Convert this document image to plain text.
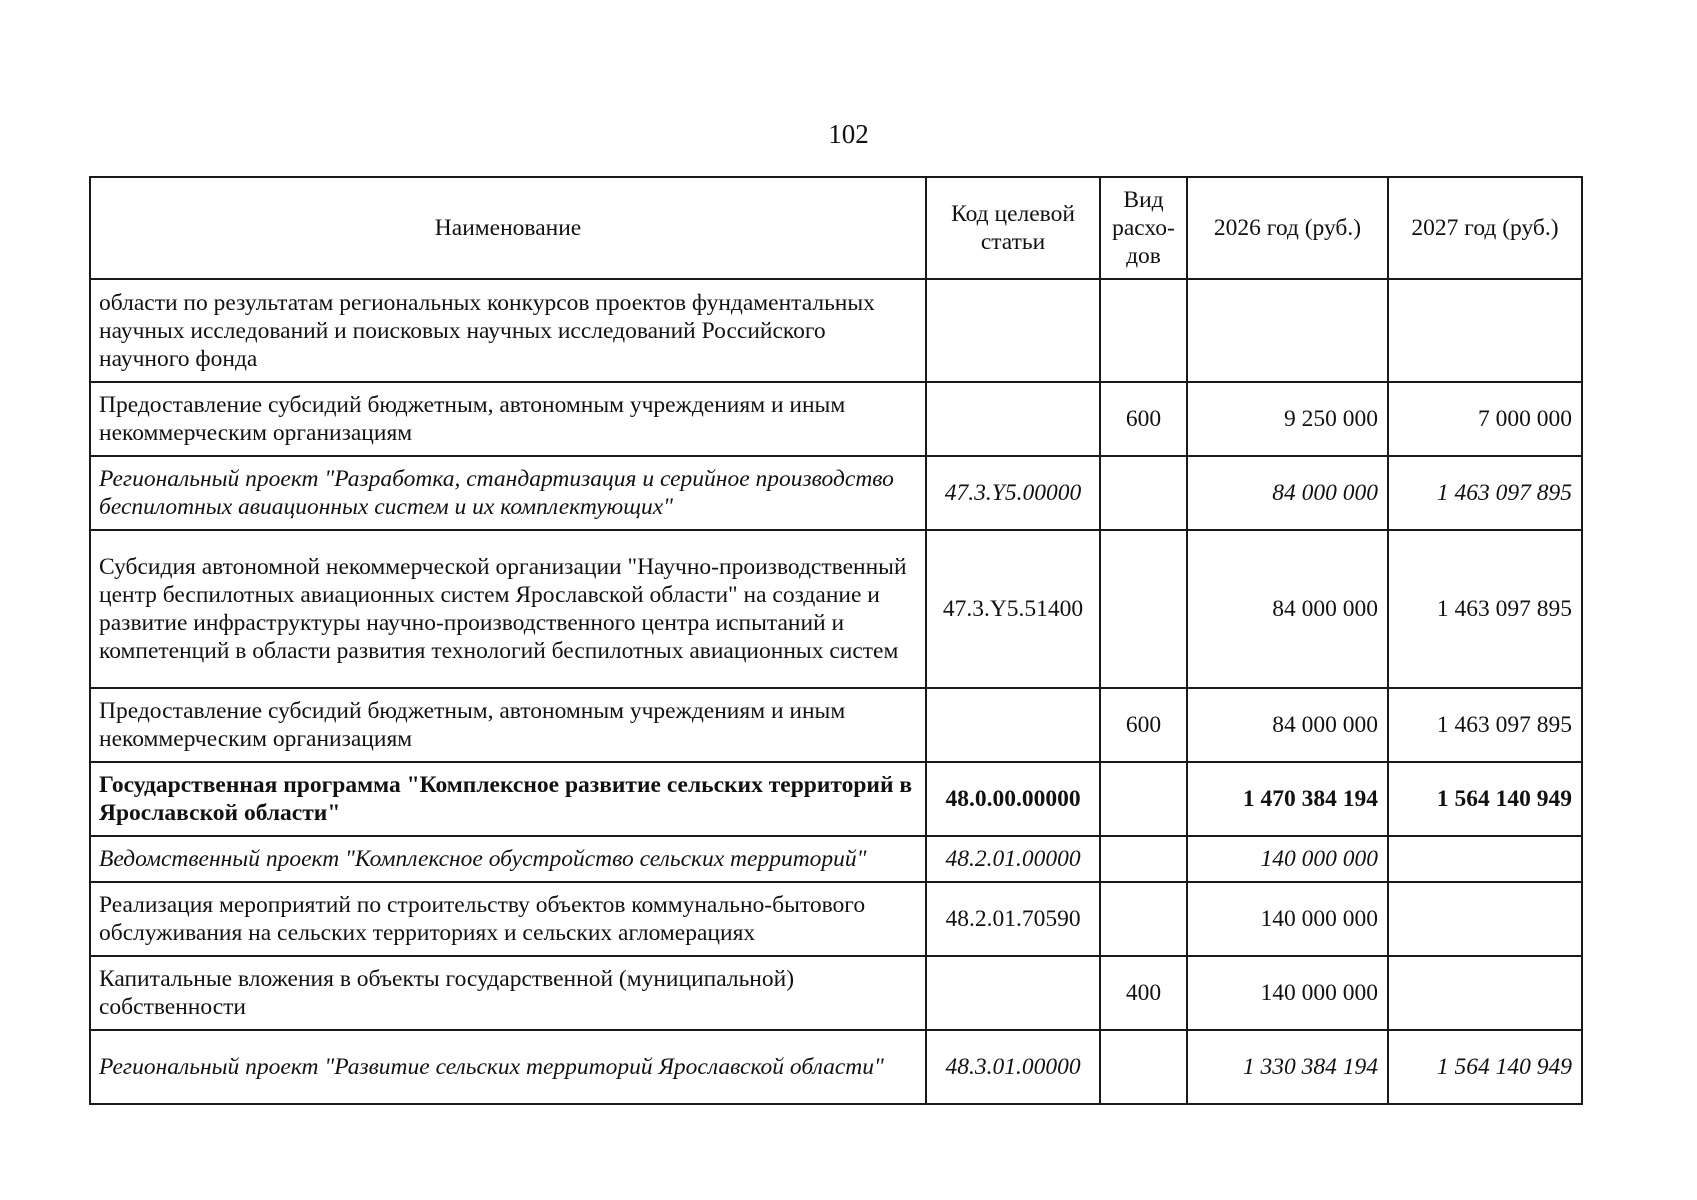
102
Наименование	Код целевой статьи	Вид расхо-дов	2026 год (руб.)	2027 год (руб.)
области по результатам региональных конкурсов проектов фундаментальных научных исследований и поисковых научных исследований Российского научного фонда				
Предоставление субсидий бюджетным, автономным учреждениям и иным некоммерческим организациям		600	9 250 000	7 000 000
Региональный проект "Разработка, стандартизация и серийное производство беспилотных авиационных систем и их комплектующих"	47.3.Y5.00000		84 000 000	1 463 097 895
Субсидия автономной некоммерческой организации "Научно-производственный центр беспилотных авиационных систем Ярославской области" на создание и развитие инфраструктуры научно-производственного центра испытаний и компетенций в области развития технологий беспилотных авиационных систем	47.3.Y5.51400		84 000 000	1 463 097 895
Предоставление субсидий бюджетным, автономным учреждениям и иным некоммерческим организациям		600	84 000 000	1 463 097 895
Государственная программа "Комплексное развитие сельских территорий в Ярославской области"	48.0.00.00000		1 470 384 194	1 564 140 949
Ведомственный проект "Комплексное обустройство сельских территорий"	48.2.01.00000		140 000 000	
Реализация мероприятий по строительству объектов коммунально-бытового обслуживания на сельских территориях и сельских агломерациях	48.2.01.70590		140 000 000	
Капитальные вложения в объекты государственной (муниципальной) собственности		400	140 000 000	
Региональный проект "Развитие сельских территорий Ярославской области"	48.3.01.00000		1 330 384 194	1 564 140 949
